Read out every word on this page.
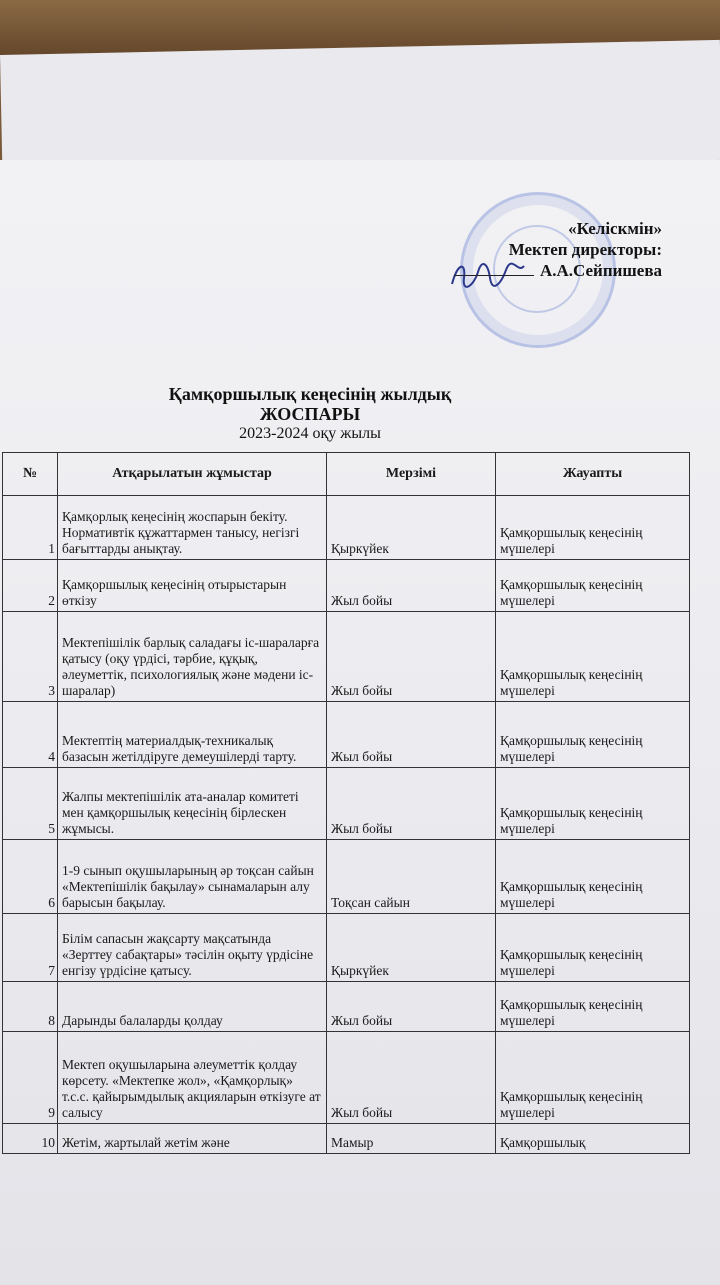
«Келіскмін»
Мектеп директоры:
А.А.Сейпишева
Қамқоршылық кеңесінің жылдық
ЖОСПАРЫ
2023-2024 оқу жылы
№	Атқарылатын жұмыстар	Мерзімі	Жауапты
1	Қамқорлық кеңесінің жоспарын бекіту. Нормативтік құжаттармен танысу, негізгі бағыттарды анықтау.	Қыркүйек	Қамқоршылық кеңесінің мүшелері
2	Қамқоршылық кеңесінің отырыстарын өткізу	Жыл бойы	Қамқоршылық кеңесінің мүшелері
3	Мектепішілік барлық саладағы іс-шараларға қатысу (оқу үрдісі, тәрбие, құқық, әлеуметтік, психологиялық және мәдени іс-шаралар)	Жыл бойы	Қамқоршылық кеңесінің мүшелері
4	Мектептің материалдық-техникалық базасын жетілдіруге демеушілерді тарту.	Жыл бойы	Қамқоршылық кеңесінің мүшелері
5	Жалпы мектепішілік ата-аналар комитеті мен қамқоршылық кеңесінің бірлескен жұмысы.	Жыл бойы	Қамқоршылық кеңесінің мүшелері
6	1-9 сынып оқушыларының әр тоқсан сайын «Мектепішілік бақылау» сынамаларын алу барысын бақылау.	Тоқсан сайын	Қамқоршылық кеңесінің мүшелері
7	Білім сапасын жақсарту мақсатында «Зерттеу сабақтары» тәсілін оқыту үрдісіне енгізу үрдісіне қатысу.	Қыркүйек	Қамқоршылық кеңесінің мүшелері
8	Дарынды балаларды қолдау	Жыл бойы	Қамқоршылық кеңесінің мүшелері
9	Мектеп оқушыларына әлеуметтік қолдау көрсету. «Мектепке жол», «Қамқорлық» т.с.с. қайырымдылық акцияларын өткізуге ат салысу	Жыл бойы	Қамқоршылық кеңесінің мүшелері
10	Жетім, жартылай жетім және	Мамыр	Қамқоршылық
